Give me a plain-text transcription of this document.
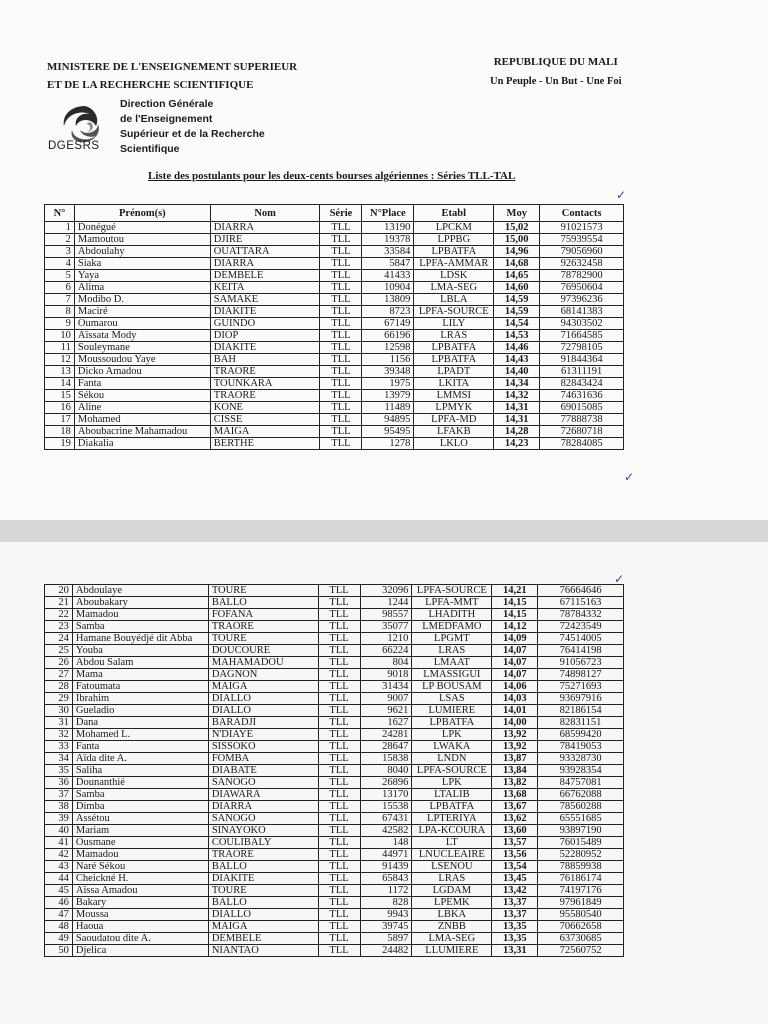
MINISTERE DE L'ENSEIGNEMENT SUPERIEUR
ET DE LA RECHERCHE SCIENTIFIQUE
REPUBLIQUE DU MALI
Un Peuple - Un But - Une Foi
DGESRS
Direction Générale
de l'Enseignement
Supérieur et de la Recherche
Scientifique
Liste des postulants pour les deux-cents bourses algériennes : Séries TLL-TAL
✓
✓
N°	Prénom(s)	Nom	Série	N°Place	Etabl	Moy	Contacts
1	Donégué	DIARRA	TLL	13190	LPCKM	15,02	91021573
2	Mamoutou	DJIRE	TLL	19378	LPPBG	15,00	75939554
3	Abdoulahy	OUATTARA	TLL	33584	LPBATFA	14,96	79056960
4	Siaka	DIARRA	TLL	5847	LPFA-AMMAR	14,68	92632458
5	Yaya	DEMBELE	TLL	41433	LDSK	14,65	78782900
6	Alima	KEITA	TLL	10904	LMA-SEG	14,60	76950604
7	Modibo D.	SAMAKE	TLL	13809	LBLA	14,59	97396236
8	Maciré	DIAKITE	TLL	8723	LPFA-SOURCE	14,59	68141383
9	Oumarou	GUINDO	TLL	67149	LILY	14,54	94303502
10	Aïssata Mody	DIOP	TLL	66196	LRAS	14,53	71664585
11	Souleymane	DIAKITE	TLL	12598	LPBATFA	14,46	72798105
12	Moussoudou Yaye	BAH	TLL	1156	LPBATFA	14,43	91844364
13	Dicko Amadou	TRAORE	TLL	39348	LPADT	14,40	61311191
14	Fanta	TOUNKARA	TLL	1975	LKITA	14,34	82843424
15	Sékou	TRAORE	TLL	13979	LMMSI	14,32	74631636
16	Aline	KONE	TLL	11489	LPMYK	14,31	69015085
17	Mohamed	CISSE	TLL	94895	LPFA-MD	14,31	77888738
18	Aboubacrine Mahamadou	MAIGA	TLL	95495	LFAKB	14,28	72680718
19	Diakalia	BERTHE	TLL	1278	LKLO	14,23	78284085
✓
20	Abdoulaye	TOURE	TLL	32096	LPFA-SOURCE	14,21	76664646
21	Aboubakary	BALLO	TLL	1244	LPFA-MMT	14,15	67115163
22	Mamadou	FOFANA	TLL	98557	LHADITH	14,15	78784332
23	Samba	TRAORE	TLL	35077	LMEDFAMO	14,12	72423549
24	Hamane Bouyédjé dit Abba	TOURE	TLL	1210	LPGMT	14,09	74514005
25	Youba	DOUCOURE	TLL	66224	LRAS	14,07	76414198
26	Abdou Salam	MAHAMADOU	TLL	804	LMAAT	14,07	91056723
27	Mama	DAGNON	TLL	9018	LMASSIGUI	14,07	74898127
28	Fatoumata	MAIGA	TLL	31434	LP BOUSAM	14,06	75271693
29	Ibrahim	DIALLO	TLL	9007	LSAS	14,03	93697916
30	Gueladio	DIALLO	TLL	9621	LUMIERE	14,01	82186154
31	Dana	BARADJI	TLL	1627	LPBATFA	14,00	82831151
32	Mohamed L.	N'DIAYE	TLL	24281	LPK	13,92	68599420
33	Fanta	SISSOKO	TLL	28647	LWAKA	13,92	78419053
34	Aïda dite A.	FOMBA	TLL	15838	LNDN	13,87	93328730
35	Saliha	DIABATE	TLL	8040	LPFA-SOURCE	13,84	93928354
36	Dounanthié	SANOGO	TLL	26896	LPK	13,82	84757081
37	Samba	DIAWARA	TLL	13170	LTALIB	13,68	66762088
38	Dimba	DIARRA	TLL	15538	LPBATFA	13,67	78560288
39	Assétou	SANOGO	TLL	67431	LPTERIYA	13,62	65551685
40	Mariam	SINAYOKO	TLL	42582	LPA-KCOURA	13,60	93897190
41	Ousmane	COULIBALY	TLL	148	LT	13,57	76015489
42	Mamadou	TRAORE	TLL	44971	LNUCLEAIRE	13,56	52280952
43	Naré Sékou	BALLO	TLL	91439	LSENOU	13,54	78859938
44	Cheickné H.	DIAKITE	TLL	65843	LRAS	13,45	76186174
45	Aïssa Amadou	TOURE	TLL	1172	LGDAM	13,42	74197176
46	Bakary	BALLO	TLL	828	LPEMK	13,37	97961849
47	Moussa	DIALLO	TLL	9943	LBKA	13,37	95580540
48	Haoua	MAIGA	TLL	39745	ZNBB	13,35	70662658
49	Saoudatou dite A.	DEMBELE	TLL	5897	LMA-SEG	13,35	63730685
50	Djelica	NIANTAO	TLL	24482	LLUMIERE	13,31	72560752
